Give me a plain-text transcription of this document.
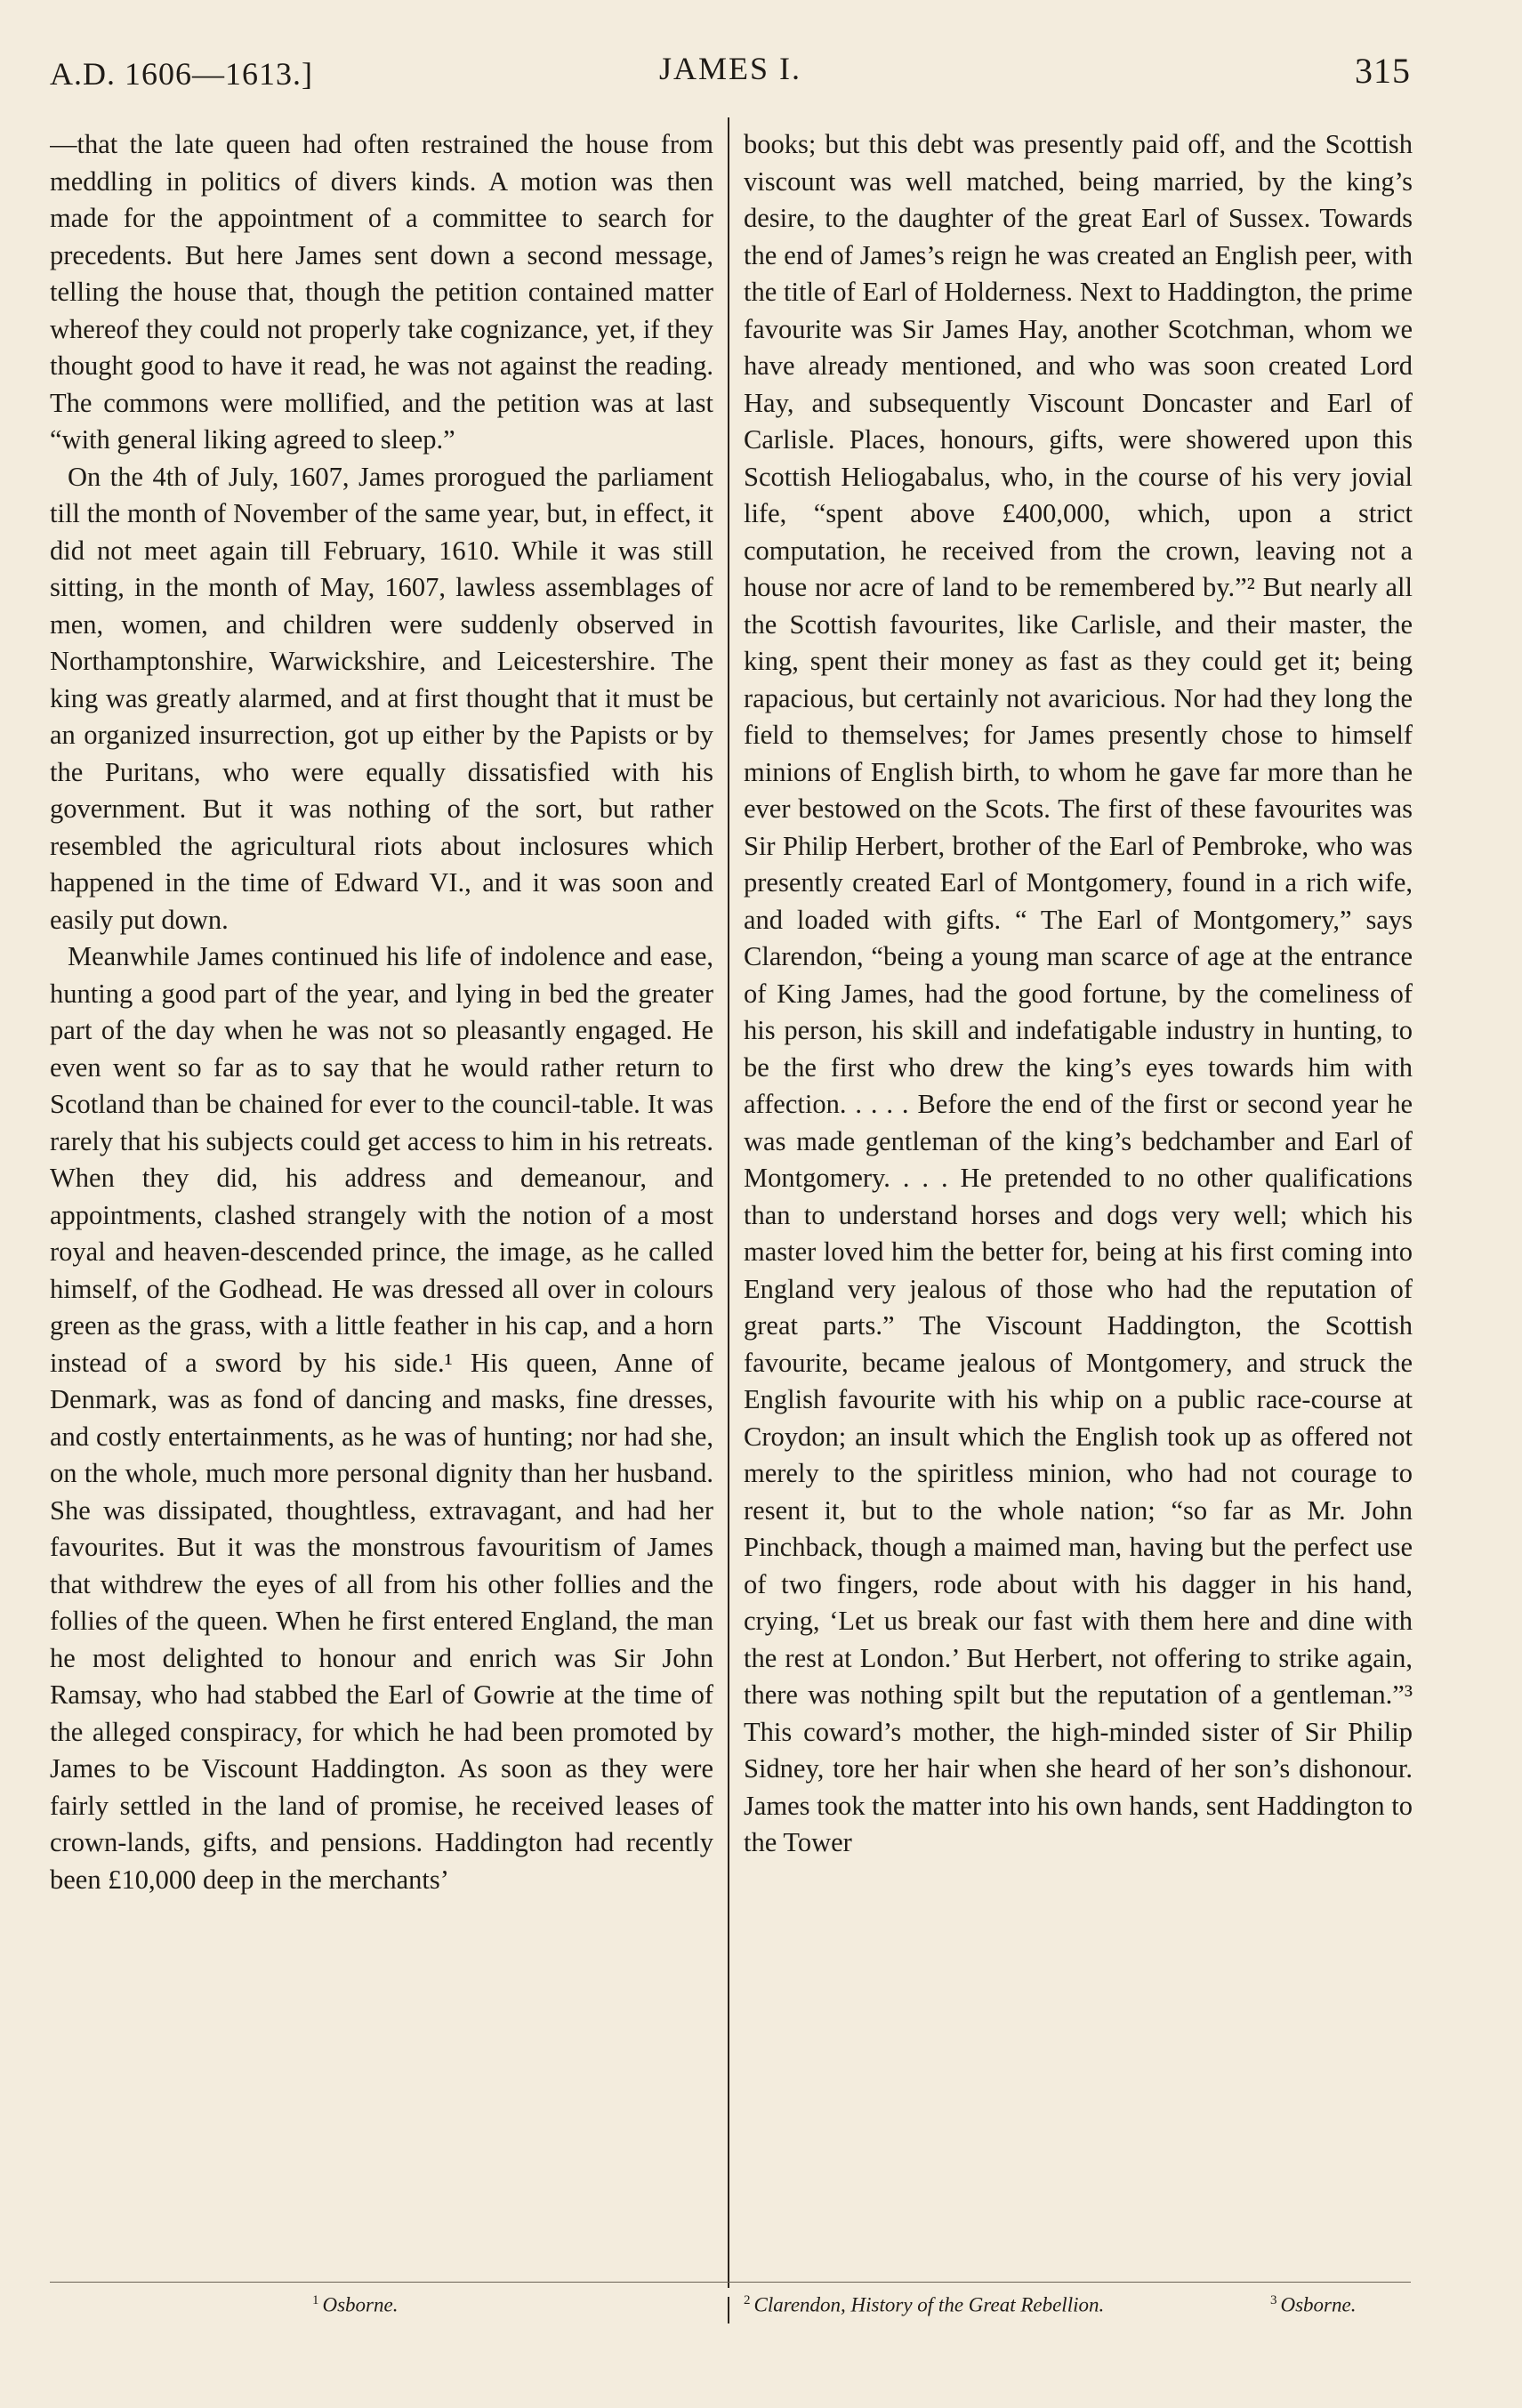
A.D. 1606—1613.]	JAMES I.	315

—that the late queen had often restrained the house from meddling in politics of divers kinds. A motion was then made for the appointment of a committee to search for precedents. But here James sent down a second message, telling the house that, though the petition contained matter whereof they could not properly take cognizance, yet, if they thought good to have it read, he was not against the reading. The commons were mollified, and the petition was at last “with general liking agreed to sleep.”

On the 4th of July, 1607, James prorogued the parliament till the month of November of the same year, but, in effect, it did not meet again till February, 1610. While it was still sitting, in the month of May, 1607, lawless assemblages of men, women, and children were suddenly observed in Northamptonshire, Warwickshire, and Leicestershire. The king was greatly alarmed, and at first thought that it must be an organized insurrection, got up either by the Papists or by the Puritans, who were equally dissatisfied with his government. But it was nothing of the sort, but rather resembled the agricultural riots about inclosures which happened in the time of Edward VI., and it was soon and easily put down.

Meanwhile James continued his life of indolence and ease, hunting a good part of the year, and lying in bed the greater part of the day when he was not so pleasantly engaged. He even went so far as to say that he would rather return to Scotland than be chained for ever to the council-table. It was rarely that his subjects could get access to him in his retreats. When they did, his address and demeanour, and appointments, clashed strangely with the notion of a most royal and heaven-descended prince, the image, as he called himself, of the Godhead. He was dressed all over in colours green as the grass, with a little feather in his cap, and a horn instead of a sword by his side.¹ His queen, Anne of Denmark, was as fond of dancing and masks, fine dresses, and costly entertainments, as he was of hunting; nor had she, on the whole, much more personal dignity than her husband. She was dissipated, thoughtless, extravagant, and had her favourites. But it was the monstrous favouritism of James that withdrew the eyes of all from his other follies and the follies of the queen. When he first entered England, the man he most delighted to honour and enrich was Sir John Ramsay, who had stabbed the Earl of Gowrie at the time of the alleged conspiracy, for which he had been promoted by James to be Viscount Haddington. As soon as they were fairly settled in the land of promise, he received leases of crown-lands, gifts, and pensions. Haddington had recently been £10,000 deep in the merchants’

books; but this debt was presently paid off, and the Scottish viscount was well matched, being married, by the king’s desire, to the daughter of the great Earl of Sussex. Towards the end of James’s reign he was created an English peer, with the title of Earl of Holderness. Next to Haddington, the prime favourite was Sir James Hay, another Scotchman, whom we have already mentioned, and who was soon created Lord Hay, and subsequently Viscount Doncaster and Earl of Carlisle. Places, honours, gifts, were showered upon this Scottish Heliogabalus, who, in the course of his very jovial life, “spent above £400,000, which, upon a strict computation, he received from the crown, leaving not a house nor acre of land to be remembered by.”² But nearly all the Scottish favourites, like Carlisle, and their master, the king, spent their money as fast as they could get it; being rapacious, but certainly not avaricious. Nor had they long the field to themselves; for James presently chose to himself minions of English birth, to whom he gave far more than he ever bestowed on the Scots. The first of these favourites was Sir Philip Herbert, brother of the Earl of Pembroke, who was presently created Earl of Montgomery, found in a rich wife, and loaded with gifts. “ The Earl of Montgomery,” says Clarendon, “being a young man scarce of age at the entrance of King James, had the good fortune, by the comeliness of his person, his skill and indefatigable industry in hunting, to be the first who drew the king’s eyes towards him with affection. . . . . Before the end of the first or second year he was made gentleman of the king’s bedchamber and Earl of Montgomery. . . . He pretended to no other qualifications than to understand horses and dogs very well; which his master loved him the better for, being at his first coming into England very jealous of those who had the reputation of great parts.” The Viscount Haddington, the Scottish favourite, became jealous of Montgomery, and struck the English favourite with his whip on a public race-course at Croydon; an insult which the English took up as offered not merely to the spiritless minion, who had not courage to resent it, but to the whole nation; “so far as Mr. John Pinchback, though a maimed man, having but the perfect use of two fingers, rode about with his dagger in his hand, crying, ‘Let us break our fast with them here and dine with the rest at London.’ But Herbert, not offering to strike again, there was nothing spilt but the reputation of a gentleman.”³ This coward’s mother, the high-minded sister of Sir Philip Sidney, tore her hair when she heard of her son’s dishonour. James took the matter into his own hands, sent Haddington to the Tower

$^1$ Osborne.	$^2$ Clarendon, History of the Great Rebellion.	$^3$ Osborne.
